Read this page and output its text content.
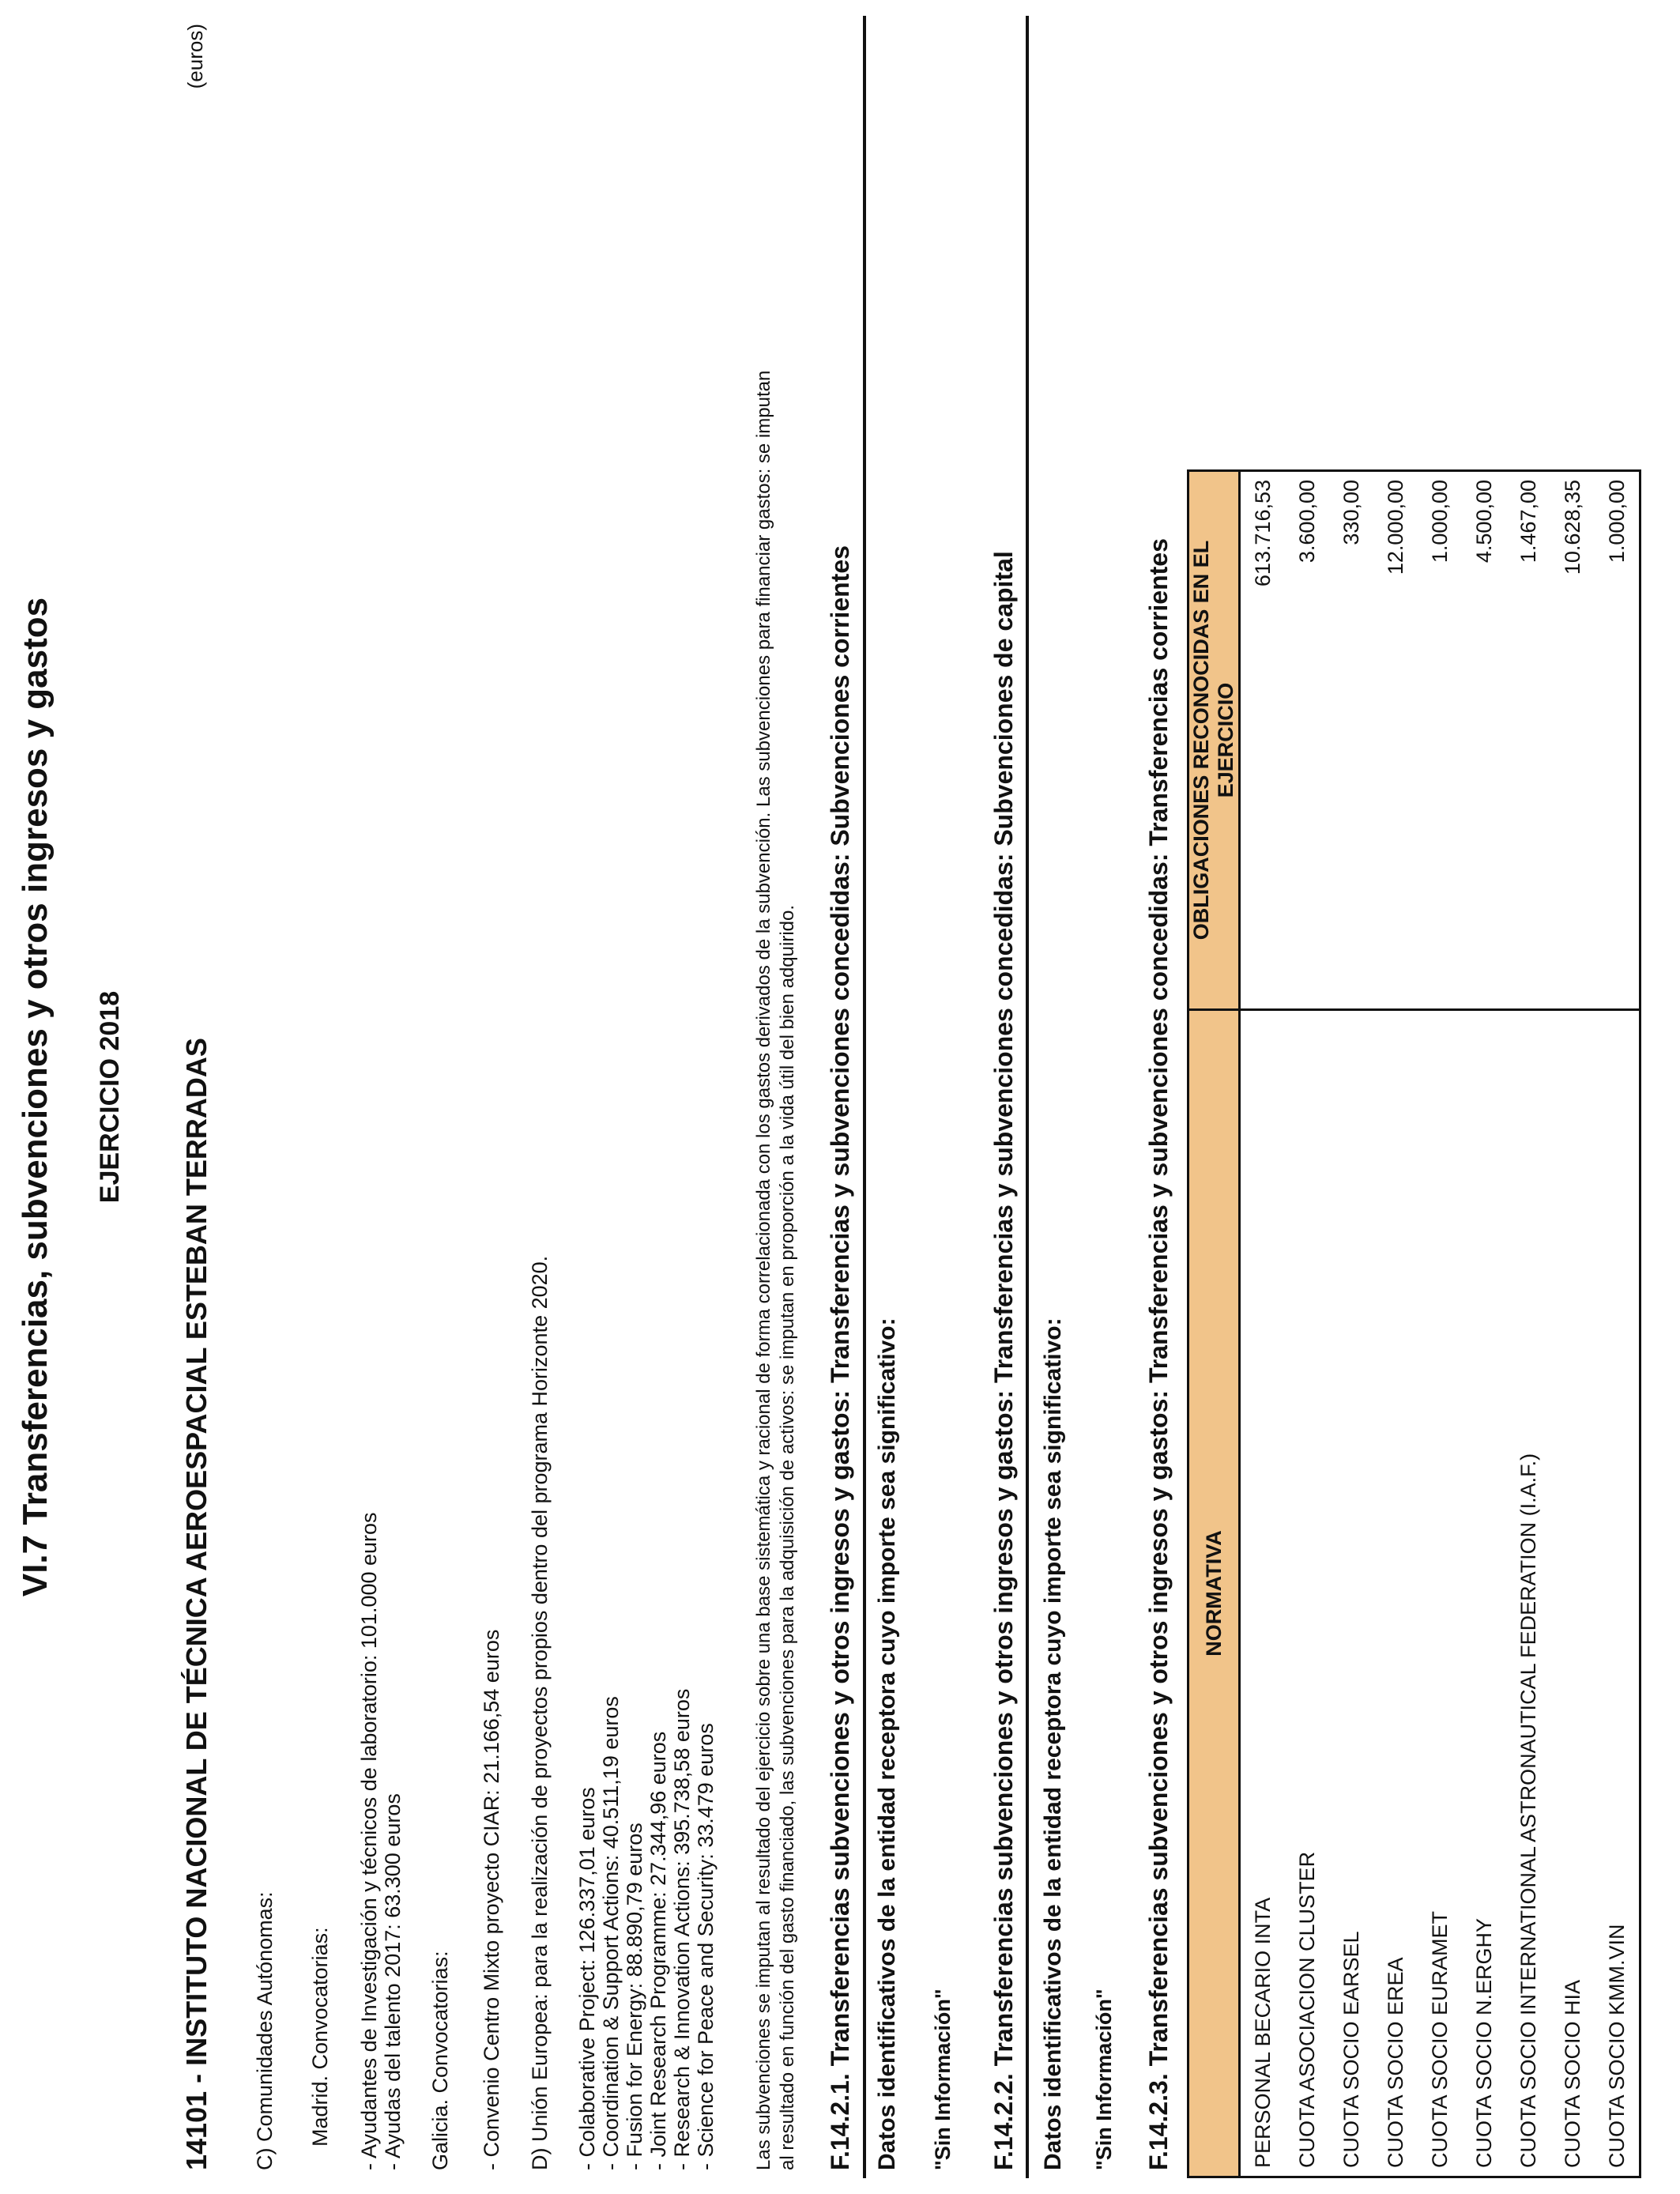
VI.7 Transferencias, subvenciones y otros ingresos y gastos EJERCICIO 2018
(euros)
14101 - INSTITUTO NACIONAL DE TÉCNICA AEROESPACIAL ESTEBAN TERRADAS C) Comunidades Autónomas: Madrid. Convocatorias: - Ayudantes de Investigación y técnicos de laboratorio: 101.000 euros - Ayudas del talento 2017: 63.300 euros Galicia. Convocatorias: - Convenio Centro Mixto proyecto CIAR: 21.166,54 euros D) Unión Europea: para la realización de proyectos propios dentro del programa Horizonte 2020. - Colaborative Project: 126.337,01 euros - Coordination & Support Actions: 40.511,19 euros - Fusion for Energy: 88.890,79 euros - Joint Research Programme: 27.344,96 euros - Research & Innovation Actions: 395.738,58 euros - Science for Peace and Security: 33.479 euros Las subvenciones se imputan al resultado del ejercicio sobre una base sistemática y racional de forma correlacionada con los gastos derivados de la subvención. Las subvenciones para financiar gastos: se imputan al resultado en función del gasto financiado, las subvenciones para la adquisición de activos: se imputan en proporción a la vida útil del bien adquirido. F.14.2.1. Transferencias subvenciones y otros ingresos y gastos: Transferencias y subvenciones concedidas: Subvenciones corrientes Datos identificativos de la entidad receptora cuyo importe sea significativo: "Sin Información" F.14.2.2. Transferencias subvenciones y otros ingresos y gastos: Transferencias y subvenciones concedidas: Subvenciones de capital Datos identificativos de la entidad receptora cuyo importe sea significativo: "Sin Información" F.14.2.3. Transferencias subvenciones y otros ingresos y gastos: Transferencias y subvenciones concedidas: Transferencias corrientes NORMATIVA	OBLIGACIONES RECONOCIDAS EN EL EJERCICIO
PERSONAL BECARIO INTA	613.716,53
CUOTA ASOCIACION CLUSTER	3.600,00
CUOTA SOCIO EARSEL	330,00
CUOTA SOCIO EREA	12.000,00
CUOTA SOCIO EURAMET	1.000,00
CUOTA SOCIO N.ERGHY	4.500,00
CUOTA SOCIO INTERNATIONAL ASTRONAUTICAL FEDERATION (I.A.F.)	1.467,00
CUOTA SOCIO HIA	10.628,35
CUOTA SOCIO KMM.VIN	1.000,00
